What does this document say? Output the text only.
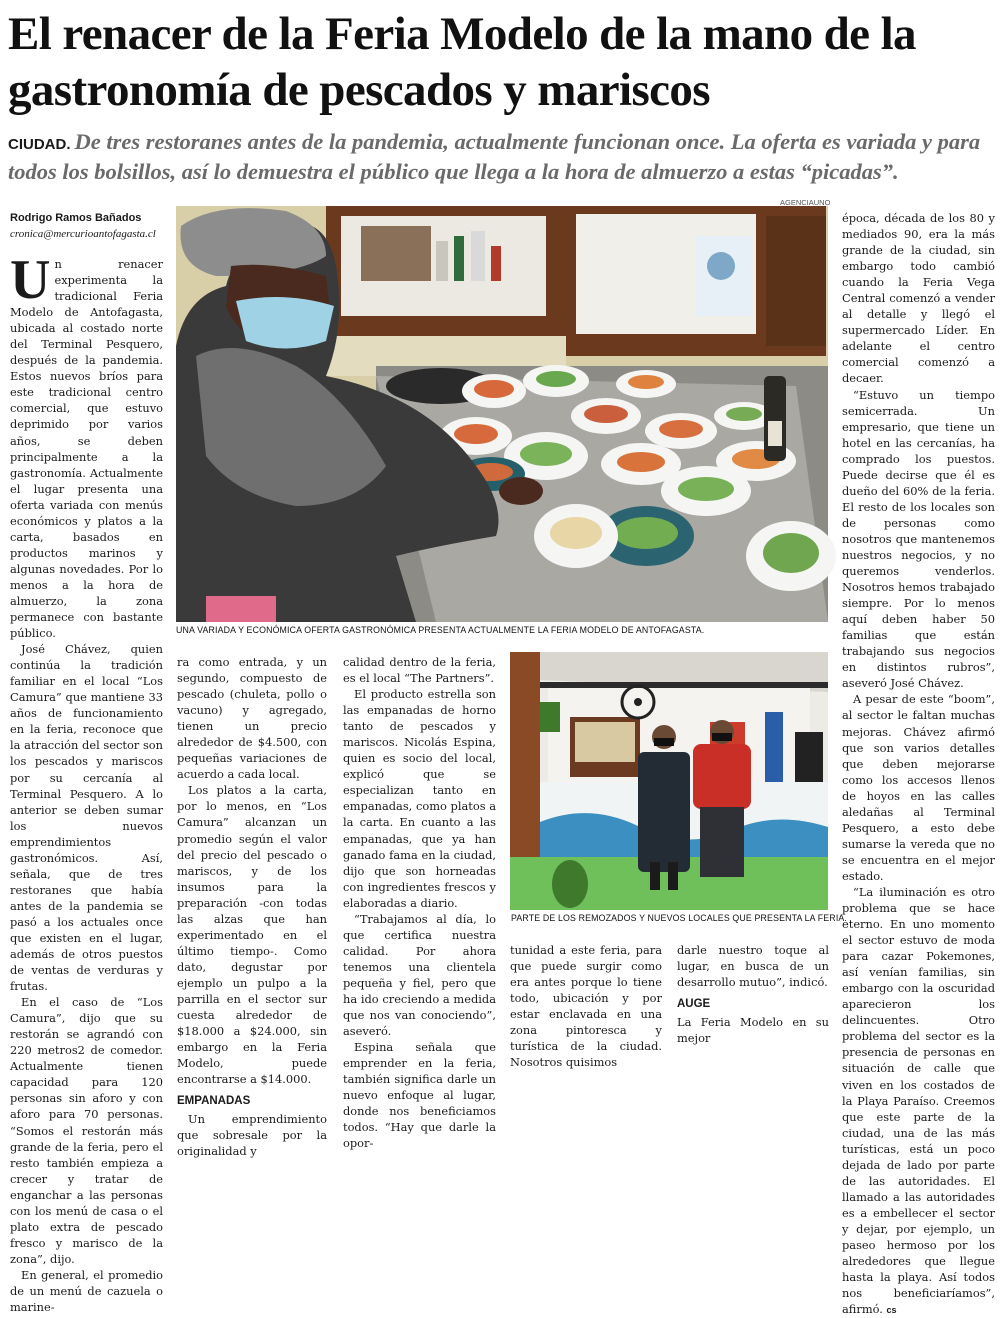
El renacer de la Feria Modelo de la mano de la gastronomía de pescados y mariscos

CIUDAD. De tres restoranes antes de la pandemia, actualmente funcionan once. La oferta es variada y para todos los bolsillos, así lo demuestra el público que llega a la hora de almuerzo a estas “picadas”.

Rodrigo Ramos Bañados
cronica@mercurioantofagasta.cl

Un renacer experimenta la tradicional Feria Modelo de Antofagasta, ubicada al costado norte del Terminal Pesquero, después de la pandemia. Estos nuevos bríos para este tradicional centro comercial, que estuvo deprimido por varios años, se deben principalmente a la gastronomía. Actualmente el lugar presenta una oferta variada con menús económicos y platos a la carta, basados en productos marinos y algunas novedades. Por lo menos a la hora de almuerzo, la zona permanece con bastante público.

José Chávez, quien continúa la tradición familiar en el local “Los Camura” que mantiene 33 años de funcionamiento en la feria, reconoce que la atracción del sector son los pescados y mariscos por su cercanía al Terminal Pesquero. A lo anterior se deben sumar los nuevos emprendimientos gastronómicos. Así, señala, que de tres restoranes que había antes de la pandemia se pasó a los actuales once que existen en el lugar, además de otros puestos de ventas de verduras y frutas.

En el caso de “Los Camura”, dijo que su restorán se agrandó con 220 metros2 de comedor. Actualmente tienen capacidad para 120 personas sin aforo y con aforo para 70 personas. “Somos el restorán más grande de la feria, pero el resto también empieza a crecer y tratar de enganchar a las personas con los menú de casa o el plato extra de pescado fresco y marisco de la zona”, dijo.

En general, el promedio de un menú de cazuela o marine-

AGENCIAUNO
UNA VARIADA Y ECONÓMICA OFERTA GASTRONÓMICA PRESENTA ACTUALMENTE LA FERIA MODELO DE ANTOFAGASTA.

ra como entrada, y un segundo, compuesto de pescado (chuleta, pollo o vacuno) y agregado, tienen un precio alrededor de $4.500, con pequeñas variaciones de acuerdo a cada local.

Los platos a la carta, por lo menos, en “Los Camura” alcanzan un promedio según el valor del precio del pescado o mariscos, y de los insumos para la preparación -con todas las alzas que han experimentado en el último tiempo-. Como dato, degustar por ejemplo un pulpo a la parrilla en el sector sur cuesta alrededor de $18.000 a $24.000, sin embargo en la Feria Modelo, puede encontrarse a $14.000.

EMPANADAS

Un emprendimiento que sobresale por la originalidad y

calidad dentro de la feria, es el local “The Partners”.

El producto estrella son las empanadas de horno tanto de pescados y mariscos. Nicolás Espina, quien es socio del local, explicó que se especializan tanto en empanadas, como platos a la carta. En cuanto a las empanadas, que ya han ganado fama en la ciudad, dijo que son horneadas con ingredientes frescos y elaboradas a diario.

“Trabajamos al día, lo que certifica nuestra calidad. Por ahora tenemos una clientela pequeña y fiel, pero que ha ido creciendo a medida que nos van conociendo”, aseveró.

Espina señala que emprender en la feria, también significa darle un nuevo enfoque al lugar, donde nos beneficiamos todos. “Hay que darle la opor-

PARTE DE LOS REMOZADOS Y NUEVOS LOCALES QUE PRESENTA LA FERIA.

tunidad a este feria, para que puede surgir como era antes porque lo tiene todo, ubicación y por estar enclavada en una zona pintoresca y turística de la ciudad. Nosotros quisimos

darle nuestro toque al lugar, en busca de un desarrollo mutuo”, indicó.

AUGE

La Feria Modelo en su mejor

época, década de los 80 y mediados 90, era la más grande de la ciudad, sin embargo todo cambió cuando la Feria Vega Central comenzó a vender al detalle y llegó el supermercado Líder. En adelante el centro comercial comenzó a decaer.

“Estuvo un tiempo semicerrada. Un empresario, que tiene un hotel en las cercanías, ha comprado los puestos. Puede decirse que él es dueño del 60% de la feria. El resto de los locales son de personas como nosotros que mantenemos nuestros negocios, y no queremos venderlos. Nosotros hemos trabajado siempre. Por lo menos aquí deben haber 50 familias que están trabajando sus negocios en distintos rubros”, aseveró José Chávez.

A pesar de este “boom”, al sector le faltan muchas mejoras. Chávez afirmó que son varios detalles que deben mejorarse como los accesos llenos de hoyos en las calles aledañas al Terminal Pesquero, a esto debe sumarse la vereda que no se encuentra en el mejor estado.

“La iluminación es otro problema que se hace eterno. En uno momento el sector estuvo de moda para cazar Pokemones, así venían familias, sin embargo con la oscuridad aparecieron los delincuentes. Otro problema del sector es la presencia de personas en situación de calle que viven en los costados de la Playa Paraíso. Creemos que este parte de la ciudad, una de las más turísticas, está un poco dejada de lado por parte de las autoridades. El llamado a las autoridades es a embellecer el sector y dejar, por ejemplo, un paseo hermoso por los alrededores que llegue hasta la playa. Así todos nos beneficiaríamos”, afirmó. cs
